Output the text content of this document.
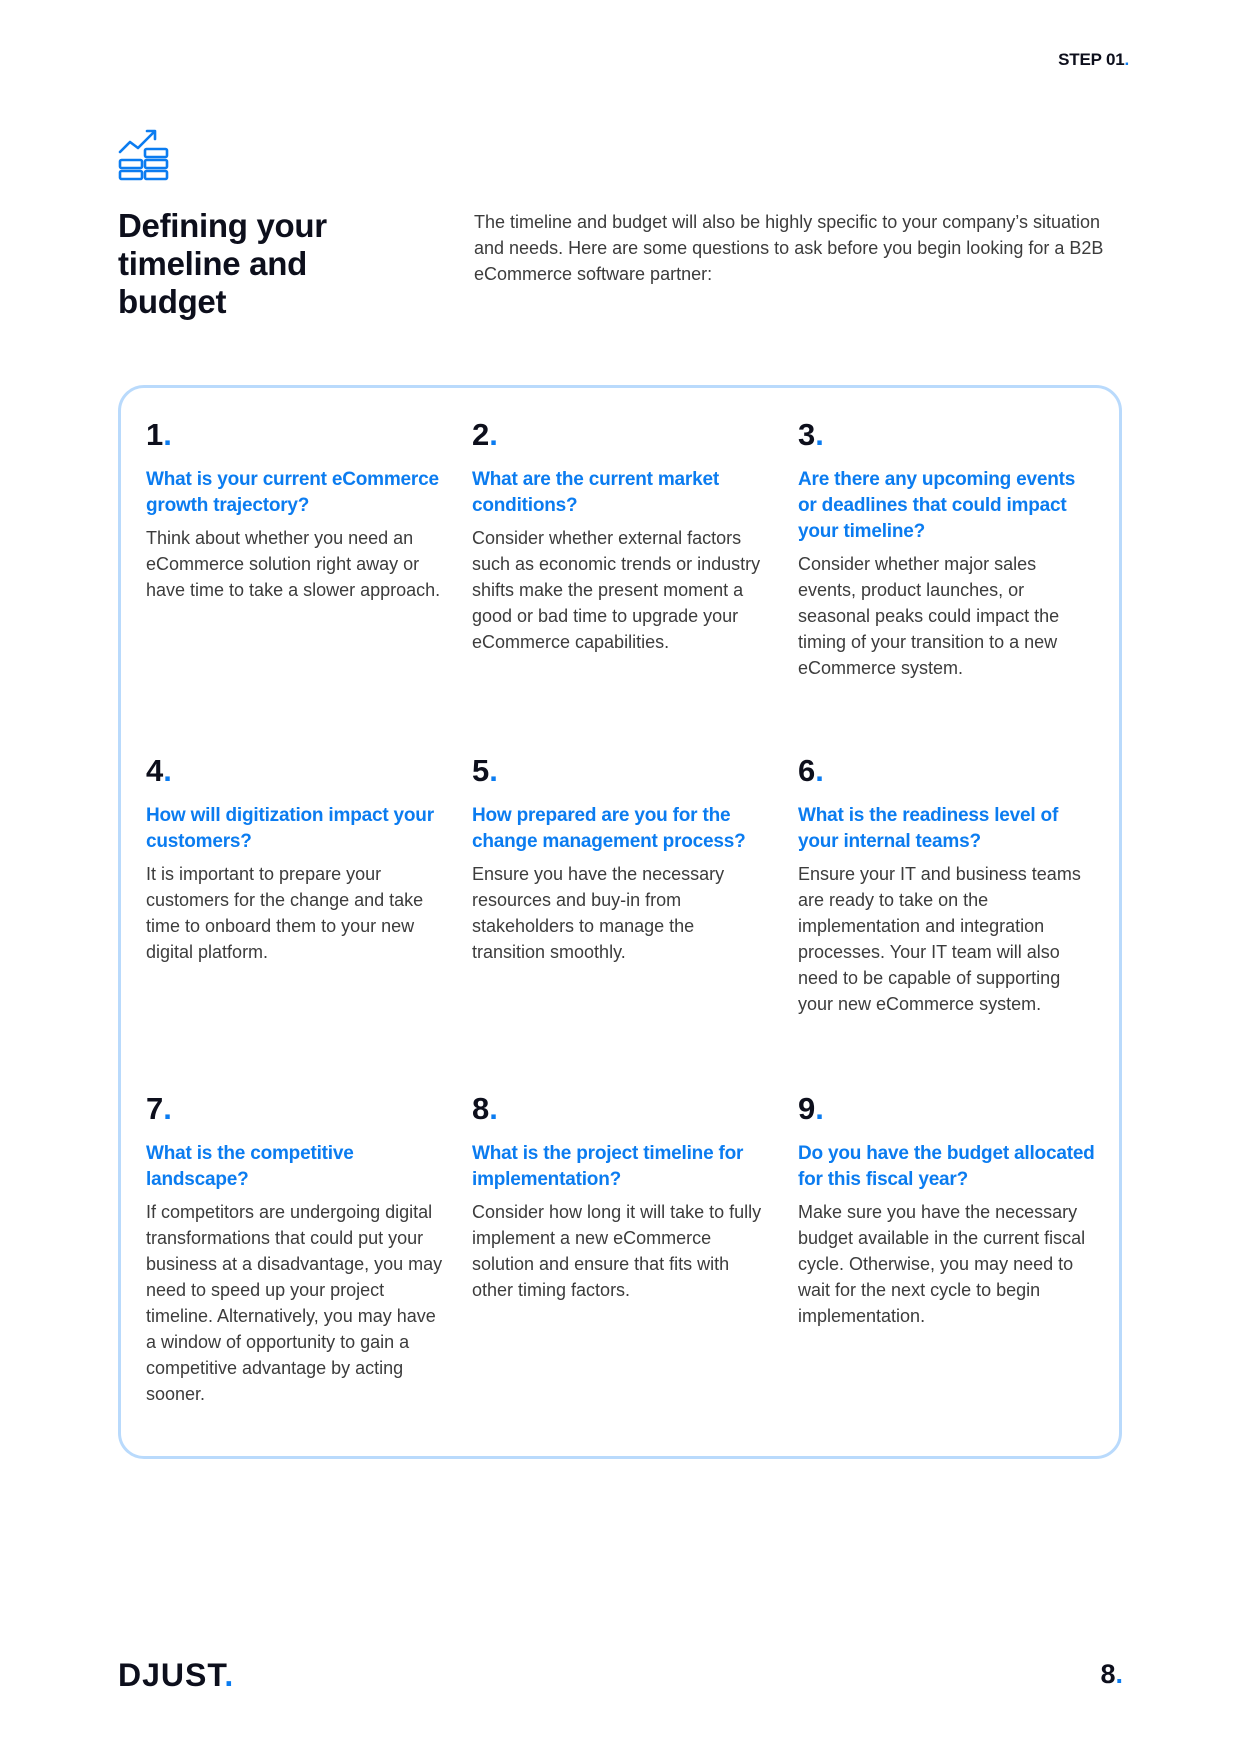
STEP 01.
Defining your timeline and budget

The timeline and budget will also be highly specific to your company’s situation and needs. Here are some questions to ask before you begin looking for a B2B eCommerce software partner:

1.

What is your current eCommerce growth trajectory?

Think about whether you need an eCommerce solution right away or have time to take a slower approach.

2.

What are the current market conditions?

Consider whether external factors such as economic trends or industry shifts make the present moment a good or bad time to upgrade your eCommerce capabilities.

3.

Are there any upcoming events or deadlines that could impact your timeline?

Consider whether major sales events, product launches, or seasonal peaks could impact the timing of your transition to a new eCommerce system.

4.

How will digitization impact your customers?

It is important to prepare your customers for the change and take time to onboard them to your new digital platform.

5.

How prepared are you for the change management process?

Ensure you have the necessary resources and buy-in from stakeholders to manage the transition smoothly.

6.

What is the readiness level of your internal teams?

Ensure your IT and business teams are ready to take on the implementation and integration processes. Your IT team will also need to be capable of supporting your new eCommerce system.

7.

What is the competitive landscape?

If competitors are undergoing digital transformations that could put your business at a disadvantage, you may need to speed up your project timeline. Alternatively, you may have a window of opportunity to gain a competitive advantage by acting sooner.

8.

What is the project timeline for implementation?

Consider how long it will take to fully implement a new eCommerce solution and ensure that fits with other timing factors.

9.

Do you have the budget allocated for this fiscal year?

Make sure you have the necessary budget available in the current fiscal cycle. Otherwise, you may need to wait for the next cycle to begin implementation.

DJUST.	8.
